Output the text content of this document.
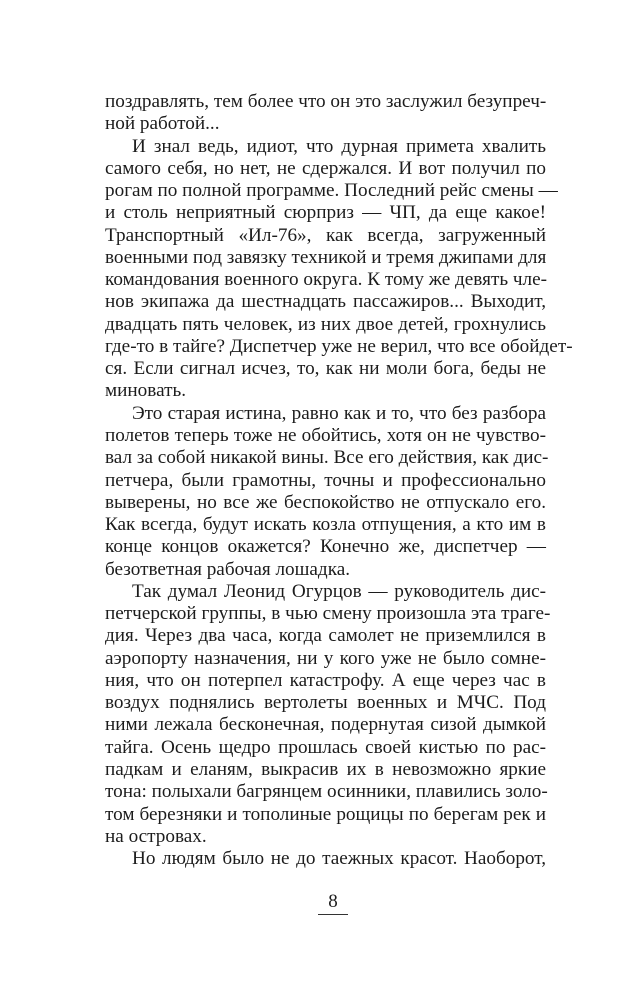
поздравлять, тем более что он это заслужил безупреч-
ной работой...
И знал ведь, идиот, что дурная примета хвалить
самого себя, но нет, не сдержался. И вот получил по
рогам по полной программе. Последний рейс смены —
и столь неприятный сюрприз — ЧП, да еще какое!
Транспортный «Ил-76», как всегда, загруженный
военными под завязку техникой и тремя джипами для
командования военного округа. К тому же девять чле-
нов экипажа да шестнадцать пассажиров... Выходит,
двадцать пять человек, из них двое детей, грохнулись
где-то в тайге? Диспетчер уже не верил, что все обойдет-
ся. Если сигнал исчез, то, как ни моли бога, беды не
миновать.
Это старая истина, равно как и то, что без разбора
полетов теперь тоже не обойтись, хотя он не чувство-
вал за собой никакой вины. Все его действия, как дис-
петчера, были грамотны, точны и профессионально
выверены, но все же беспокойство не отпускало его.
Как всегда, будут искать козла отпущения, а кто им в
конце концов окажется? Конечно же, диспетчер —
безответная рабочая лошадка.
Так думал Леонид Огурцов — руководитель дис-
петчерской группы, в чью смену произошла эта траге-
дия. Через два часа, когда самолет не приземлился в
аэропорту назначения, ни у кого уже не было сомне-
ния, что он потерпел катастрофу. А еще через час в
воздух поднялись вертолеты военных и МЧС. Под
ними лежала бесконечная, подернутая сизой дымкой
тайга. Осень щедро прошлась своей кистью по рас-
падкам и еланям, выкрасив их в невозможно яркие
тона: полыхали багрянцем осинники, плавились золо-
том березняки и тополиные рощицы по берегам рек и
на островах.
Но людям было не до таежных красот. Наоборот,
8
